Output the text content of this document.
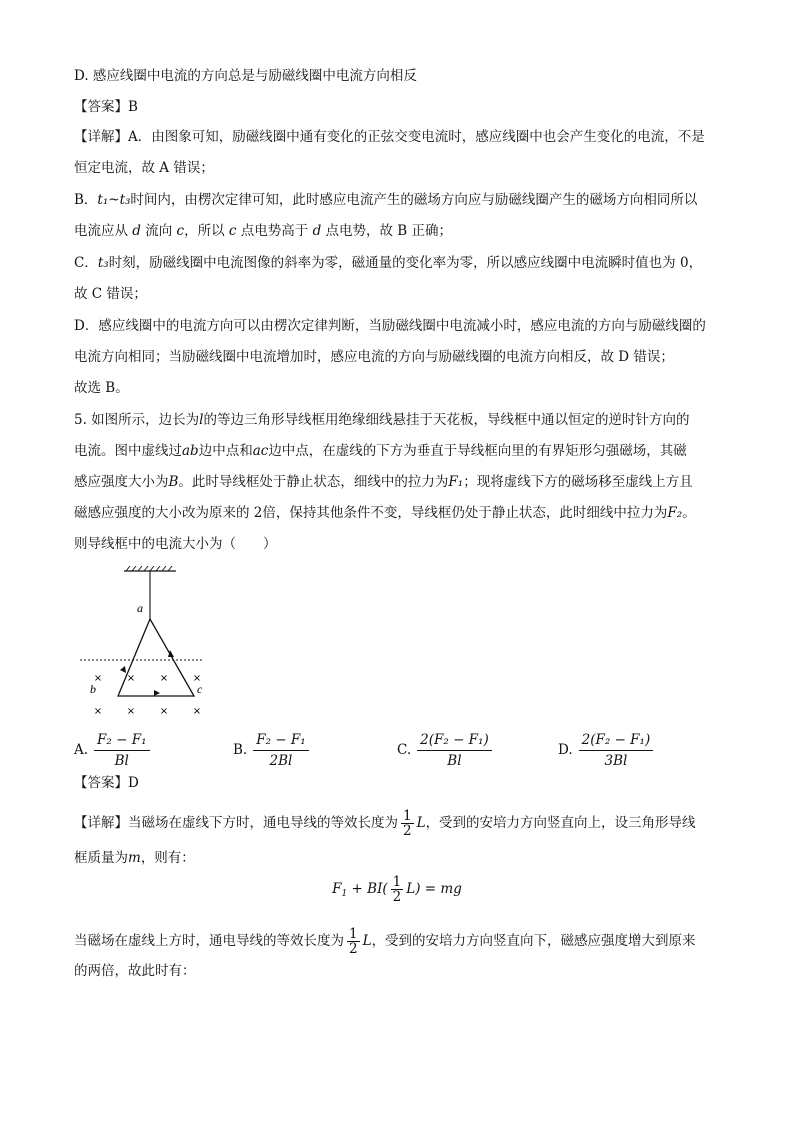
D. 感应线圈中电流的方向总是与励磁线圈中电流方向相反
【答案】B
【详解】A．由图象可知，励磁线圈中通有变化的正弦交变电流时，感应线圈中也会产生变化的电流，不是
恒定电流，故 A 错误；
B．t₁~t₃时间内，由楞次定律可知，此时感应电流产生的磁场方向应与励磁线圈产生的磁场方向相同所以
电流应从 d 流向 c，所以 c 点电势高于 d 点电势，故 B 正确；
C．t₃时刻，励磁线圈中电流图像的斜率为零，磁通量的变化率为零，所以感应线圈中电流瞬时值也为 0，
故 C 错误；
D．感应线圈中的电流方向可以由楞次定律判断，当励磁线圈中电流减小时，感应电流的方向与励磁线圈的
电流方向相同；当励磁线圈中电流增加时，感应电流的方向与励磁线圈的电流方向相反，故 D 错误；
故选 B。
5. 如图所示，边长为l的等边三角形导线框用绝缘细线悬挂于天花板，导线框中通以恒定的逆时针方向的
电流。图中虚线过ab边中点和ac边中点，在虚线的下方为垂直于导线框向里的有界矩形匀强磁场，其磁
感应强度大小为B。此时导线框处于静止状态，细线中的拉力为F₁；现将虚线下方的磁场移至虚线上方且
磁感应强度的大小改为原来的 2倍，保持其他条件不变，导线框仍处于静止状态，此时细线中拉力为F₂。
则导线框中的电流大小为（　　）
a
b	c
× × × ×
× × × ×
A. $\frac{\text{F₂ − F₁}}{Bl}$	B. $\frac{\text{F₂ − F₁}}{2Bl}$	C. $\frac{\text{2(F₂ − F₁)}}{Bl}$	D. $\frac{\text{2(F₂ − F₁)}}{3Bl}$
【答案】D
【详解】当磁场在虚线下方时，通电导线的等效长度为 $\frac{1}{2}$ L，受到的安培力方向竖直向上，设三角形导线
框质量为m，则有：
$F_1 + BI( \frac{1}{2} L)$ = mg
当磁场在虚线上方时，通电导线的等效长度为 $\frac{1}{2}$ L，受到的安培力方向竖直向下，磁感应强度增大到原来
的两倍，故此时有：
